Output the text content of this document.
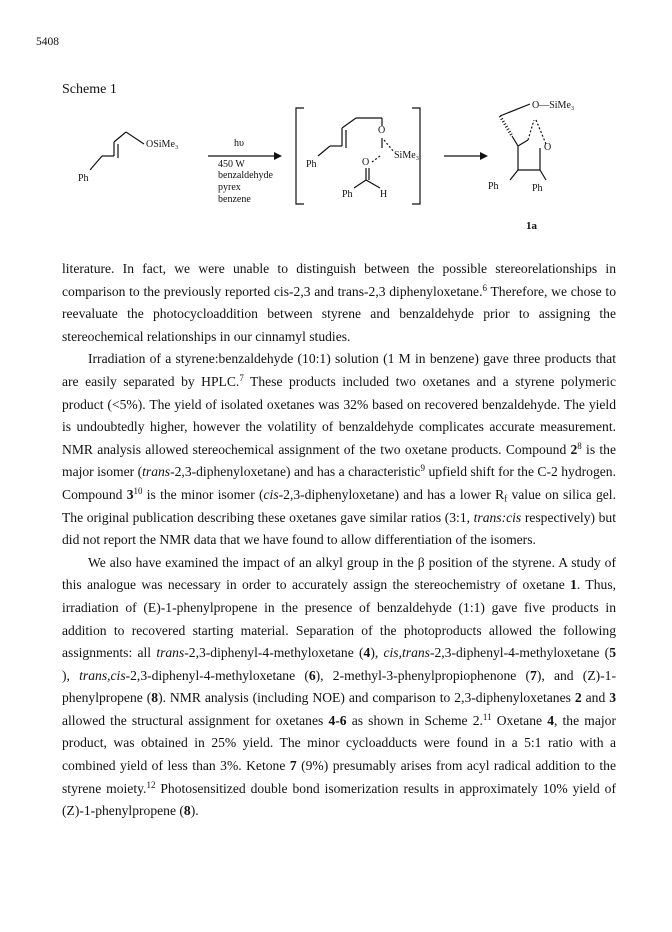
5408
Scheme 1
OSiMe₃
Ph
hυ
450 W
benzaldehyde
pyrex
benzene
O
SiMe₃
O
Ph
Ph	H
O—SiMe₃
O
Ph	Ph
1a

literature. In fact, we were unable to distinguish between the possible stereorelationships in comparison to the previously reported cis-2,3 and trans-2,3 diphenyloxetane.$^6$ Therefore, we chose to reevaluate the photocycloaddition between styrene and benzaldehyde prior to assigning the stereochemical relationships in our cinnamyl studies.

Irradiation of a styrene:benzaldehyde (10:1) solution (1 M in benzene) gave three products that are easily separated by HPLC.$^7$ These products included two oxetanes and a styrene polymeric product (<5%). The yield of isolated oxetanes was 32% based on recovered benzaldehyde. The yield is undoubtedly higher, however the volatility of benzaldehyde complicates accurate measurement. NMR analysis allowed stereochemical assignment of the two oxetane products. Compound $2^8$ is the major isomer (trans-2,3-diphenyloxetane) and has a characteristic$^9$ upfield shift for the C-2 hydrogen. Compound $3^{10}$ is the minor isomer (cis-2,3-diphenyloxetane) and has a lower $R_f$ value on silica gel. The original publication describing these oxetanes gave similar ratios (3:1, trans:cis respectively) but did not report the NMR data that we have found to allow differentiation of the isomers.

We also have examined the impact of an alkyl group in the β position of the styrene. A study of this analogue was necessary in order to accurately assign the stereochemistry of oxetane 1. Thus, irradiation of (E)-1-phenylpropene in the presence of benzaldehyde (1:1) gave five products in addition to recovered starting material. Separation of the photoproducts allowed the following assignments: all trans-2,3-diphenyl-4-methyloxetane (4), cis,trans-2,3-diphenyl-4-methyloxetane (5 ), trans,cis-2,3-diphenyl-4-methyloxetane (6), 2-methyl-3-phenylpropiophenone (7), and (Z)-1-phenylpropene (8). NMR analysis (including NOE) and comparison to 2,3-diphenyloxetanes 2 and 3 allowed the structural assignment for oxetanes 4-6 as shown in Scheme 2.11 Oxetane 4, the major product, was obtained in 25% yield. The minor cycloadducts were found in a 5:1 ratio with a combined yield of less than 3%. Ketone 7 (9%) presumably arises from acyl radical addition to the styrene moiety.$^{12}$ Photosensitized double bond isomerization results in approximately 10% yield of (Z)-1-phenylpropene (8).
